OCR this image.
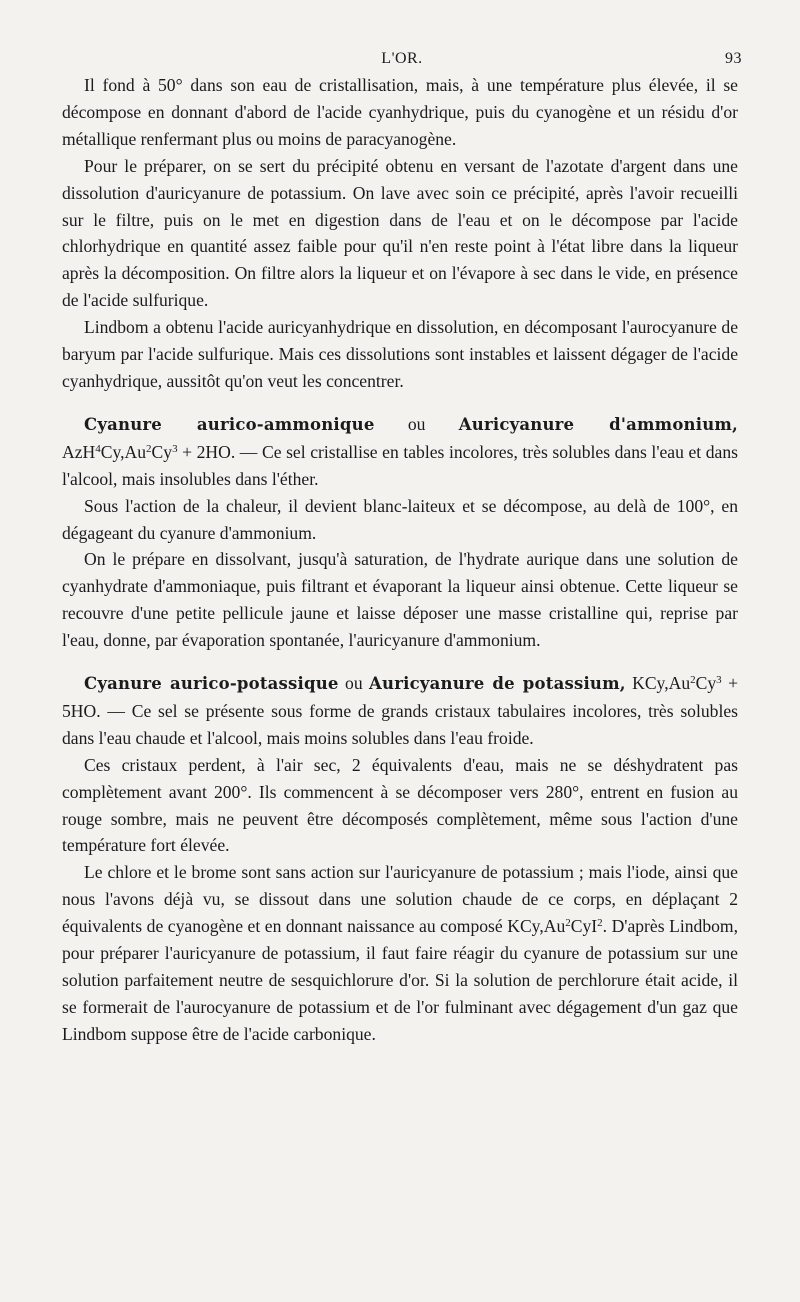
L'OR.	93

Il fond à 50° dans son eau de cristallisation, mais, à une température plus élevée, il se décompose en donnant d'abord de l'acide cyanhydrique, puis du cyanogène et un résidu d'or métallique renfermant plus ou moins de paracyanogène.

Pour le préparer, on se sert du précipité obtenu en versant de l'azotate d'argent dans une dissolution d'auricyanure de potassium. On lave avec soin ce précipité, après l'avoir recueilli sur le filtre, puis on le met en digestion dans de l'eau et on le décompose par l'acide chlorhydrique en quantité assez faible pour qu'il n'en reste point à l'état libre dans la liqueur après la décomposition. On filtre alors la liqueur et on l'évapore à sec dans le vide, en présence de l'acide sulfurique.

Lindbom a obtenu l'acide auricyanhydrique en dissolution, en décomposant l'aurocyanure de baryum par l'acide sulfurique. Mais ces dissolutions sont instables et laissent dégager de l'acide cyanhydrique, aussitôt qu'on veut les concentrer.

Cyanure aurico-ammonique ou Auricyanure d'ammonium, $AzH^4Cy,Au^2Cy^3 + 2HO$. — Ce sel cristallise en tables incolores, très solubles dans l'eau et dans l'alcool, mais insolubles dans l'éther.

Sous l'action de la chaleur, il devient blanc-laiteux et se décompose, au delà de 100°, en dégageant du cyanure d'ammonium.

On le prépare en dissolvant, jusqu'à saturation, de l'hydrate aurique dans une solution de cyanhydrate d'ammoniaque, puis filtrant et évaporant la liqueur ainsi obtenue. Cette liqueur se recouvre d'une petite pellicule jaune et laisse déposer une masse cristalline qui, reprise par l'eau, donne, par évaporation spontanée, l'auricyanure d'ammonium.

Cyanure aurico-potassique ou Auricyanure de potassium, $KCy,Au^2Cy^3 + 5HO$. — Ce sel se présente sous forme de grands cristaux tabulaires incolores, très solubles dans l'eau chaude et l'alcool, mais moins solubles dans l'eau froide.

Ces cristaux perdent, à l'air sec, 2 équivalents d'eau, mais ne se déshydratent pas complètement avant 200°. Ils commencent à se décomposer vers 280°, entrent en fusion au rouge sombre, mais ne peuvent être décomposés complètement, même sous l'action d'une température fort élevée.

Le chlore et le brome sont sans action sur l'auricyanure de potassium ; mais l'iode, ainsi que nous l'avons déjà vu, se dissout dans une solution chaude de ce corps, en déplaçant 2 équivalents de cyanogène et en donnant naissance au composé KCy,Au$^2$CyI$^2$. D'après Lindbom, pour préparer l'auricyanure de potassium, il faut faire réagir du cyanure de potassium sur une solution parfaitement neutre de sesquichlorure d'or. Si la solution de perchlorure était acide, il se formerait de l'aurocyanure de potassium et de l'or fulminant avec dégagement d'un gaz que Lindbom suppose être de l'acide carbonique.
